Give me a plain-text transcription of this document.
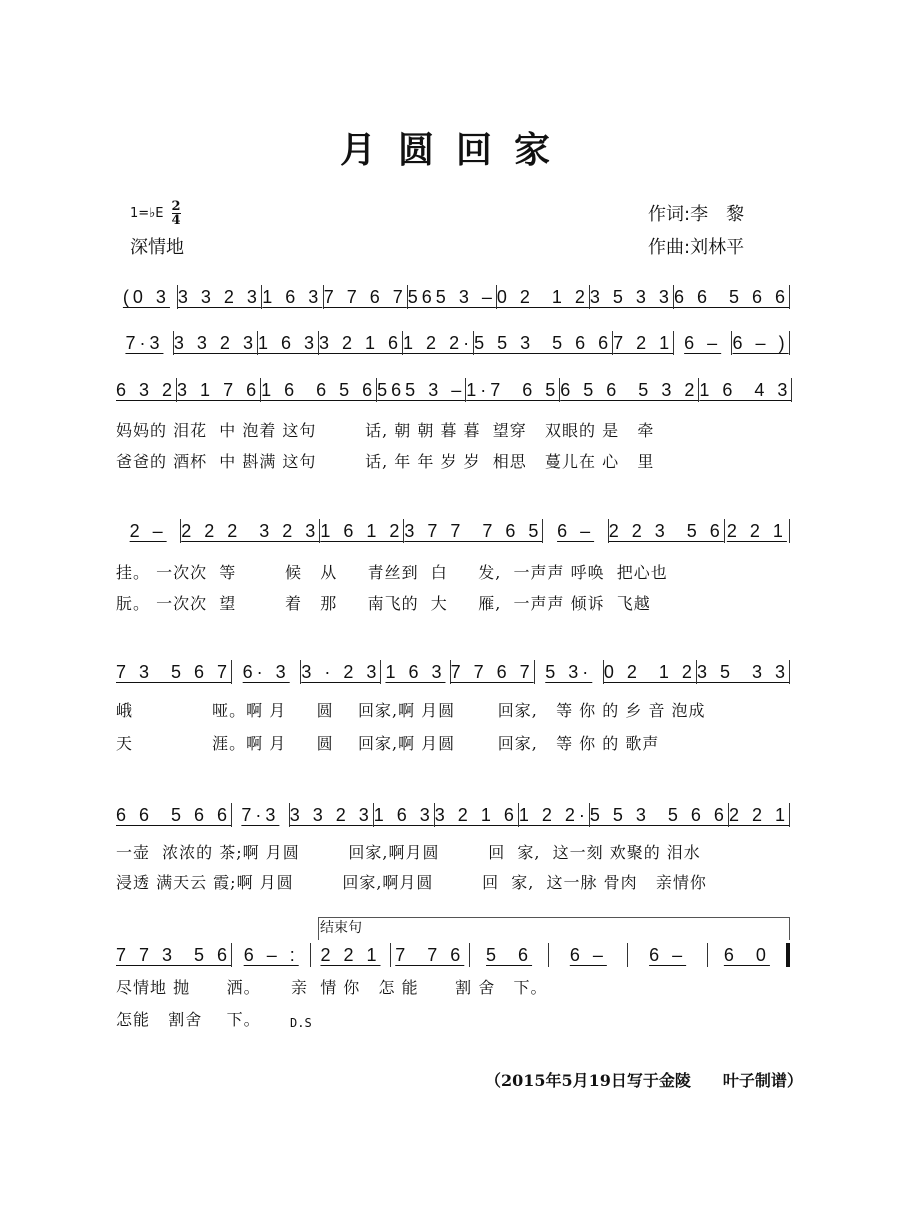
月圆回家
1=♭E $\frac{2}{4}$
深情地
作词:李　黎
作曲:刘林平
(0 3 3 3 2 3 1 6 3 7 7 6 7 565 3 – 0 2  1 2 3 5 3 3 6 6  5 6 6
7·3 3 3 2 3 1 6 3 3 2 1 6 1 2 2· 5 5 3  5 6 6 7 2 1 6 – 6 – )
6 3 2 3 1 7 6 1 6  6 5 6 565 3 – 1·7  6 5 6 5 6  5 3 2 1 6  4 3
妈妈的 泪花  中 泡着 这句        话, 朝 朝 暮 暮  望穿   双眼的 是   牵
爸爸的 酒杯  中 斟满 这句        话, 年 年 岁 岁  相思   蔓儿在 心   里
2 – 2 2 2  3 2 3 1 6 1 2 3 7 7  7 6 5 6 – 2 2 3  5 6 2 2 1
挂。 一次次  等        候   从     青丝到  白     发,  一声声 呼唤  把心也
朊。 一次次  望        着   那     南飞的  大     雁,  一声声 倾诉  飞越
7 3  5 6 7 6· 3 3 · 2 3 1 6 3 7 7 6 7 5 3· 0 2  1 2 3 5  3 3
峨             哑。啊 月     圆    回家,啊 月圆       回家,   等 你 的 乡 音 泡成
天             涯。啊 月     圆    回家,啊 月圆       回家,   等 你 的 歌声
6 6  5 6 6 7·3 3 3 2 3 1 6 3 3 2 1 6 1 2 2· 5 5 3  5 6 6 2 2 1
一壶  浓浓的 茶;啊 月圆        回家,啊月圆        回  家,  这一刻 欢聚的 泪水
浸透 满天云 霞;啊 月圆        回家,啊月圆        回  家,  这一脉 骨肉   亲情你
7 7 3  5 6 6 – :	2 2 1 7  7 6	5  6	6 –	6 –	6  0
尽情地 抛      洒。     亲  情 你   怎 能      割 舍   下。
怎能   割舍    下。
结束句
D.S
（2015年5月19日写于金陵　　叶子制谱）
